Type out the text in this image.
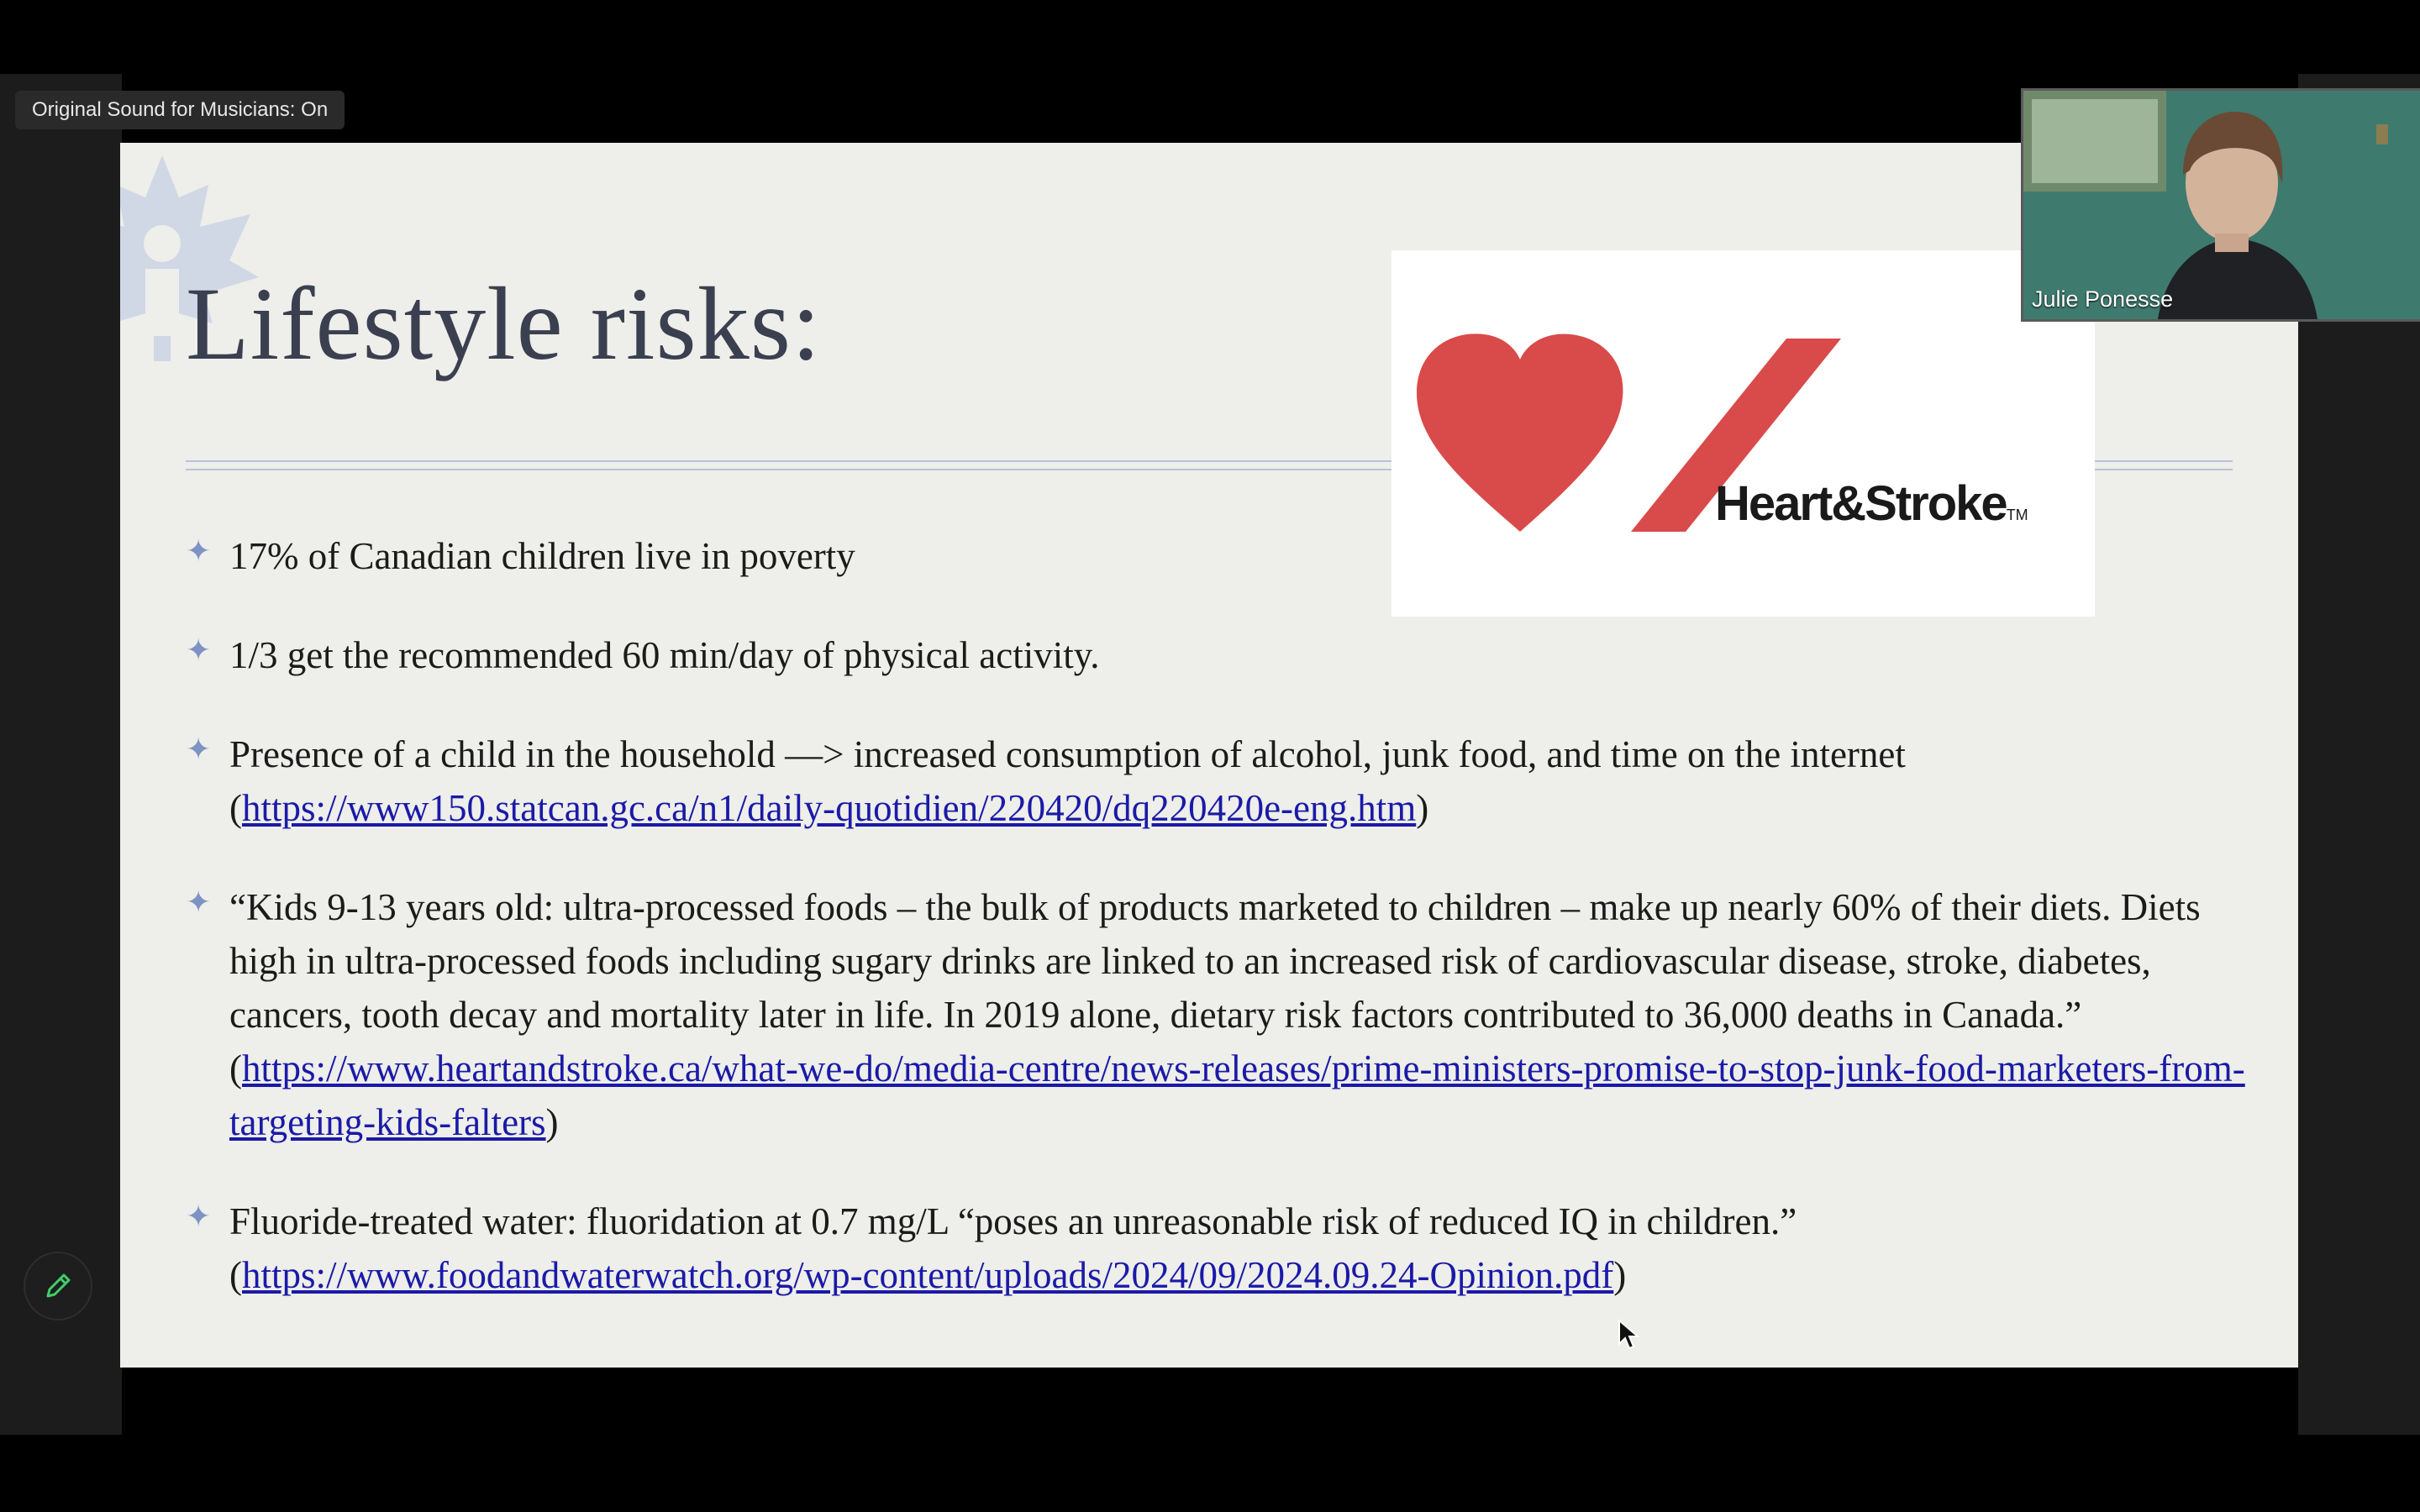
Original Sound for Musicians: On
Lifestyle risks:
Heart&StrokeTM
✦ 17% of Canadian children live in poverty
✦ 1/3 get the recommended 60 min/day of physical activity.
✦ Presence of a child in the household —> increased consumption of alcohol, junk food, and time on the internet (https://www150.statcan.gc.ca/n1/daily-quotidien/220420/dq220420e-eng.htm)
✦ “Kids 9-13 years old: ultra-processed foods – the bulk of products marketed to children – make up nearly 60% of their diets. Diets high in ultra-processed foods including sugary drinks are linked to an increased risk of cardiovascular disease, stroke, diabetes, cancers, tooth decay and mortality later in life. In 2019 alone, dietary risk factors contributed to 36,000 deaths in Canada.” (https://www.heartandstroke.ca/what-we-do/media-centre/news-releases/prime-ministers-promise-to-stop-junk-food-marketers-from-targeting-kids-falters)
✦ Fluoride-treated water: fluoridation at 0.7 mg/L “poses an unreasonable risk of reduced IQ in children.” (https://www.foodandwaterwatch.org/wp-content/uploads/2024/09/2024.09.24-Opinion.pdf)
Julie Ponesse
